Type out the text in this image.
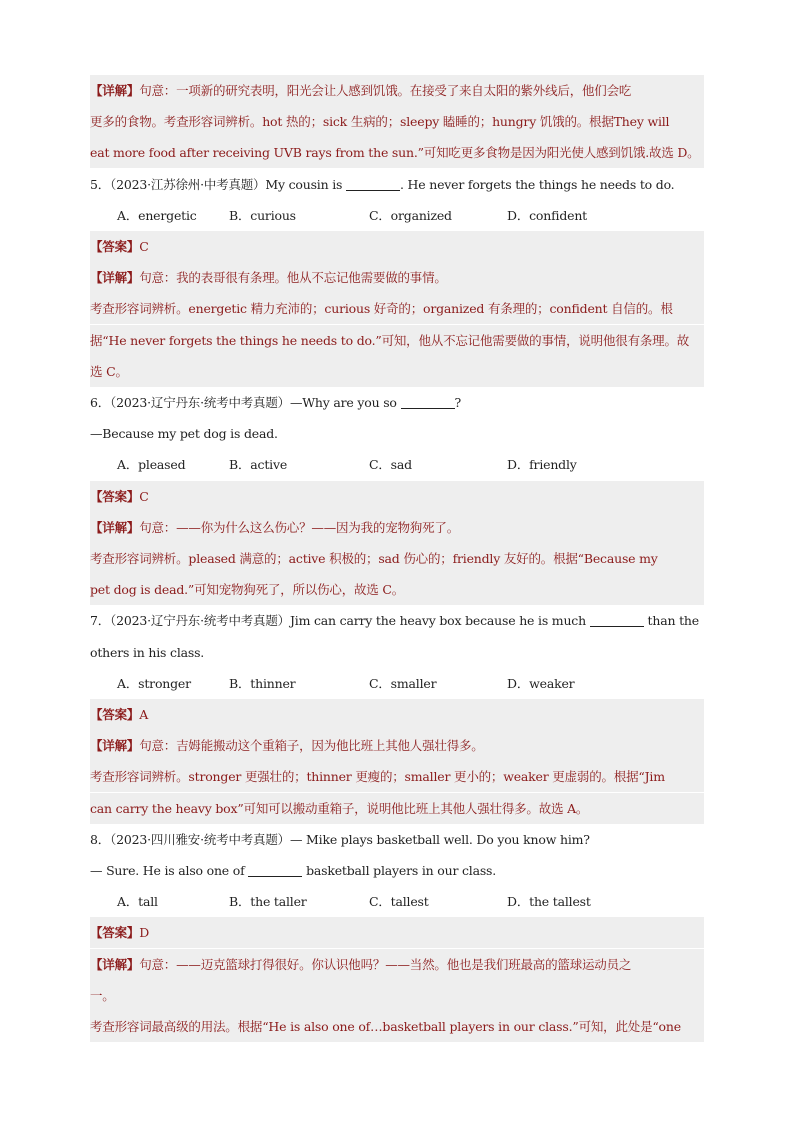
【详解】句意：一项新的研究表明，阳光会让人感到饥饿。在接受了来自太阳的紫外线后，他们会吃
更多的食物。考查形容词辨析。hot 热的；sick 生病的；sleepy 瞌睡的；hungry 饥饿的。根据They will
eat more food after receiving UVB rays from the sun.”可知吃更多食物是因为阳光使人感到饥饿.故选 D。
5．（2023·江苏徐州·中考真题）My cousin is	. He never forgets the things he needs to do.
A．energetic	B．curious	C．organized	D．confident
【答案】C
【详解】句意：我的表哥很有条理。他从不忘记他需要做的事情。
考查形容词辨析。energetic 精力充沛的；curious 好奇的；organized 有条理的；confident 自信的。根
据“He never forgets the things he needs to do.”可知，他从不忘记他需要做的事情，说明他很有条理。故
选 C。
6．（2023·辽宁丹东·统考中考真题）—Why are you so	?
—Because my pet dog is dead.
A．pleased	B．active	C．sad	D．friendly
【答案】C
【详解】句意：——你为什么这么伤心？——因为我的宠物狗死了。
考查形容词辨析。pleased 满意的；active 积极的；sad 伤心的；friendly 友好的。根据“Because my
pet dog is dead.”可知宠物狗死了，所以伤心，故选 C。
7．（2023·辽宁丹东·统考中考真题）Jim can carry the heavy box because he is much	than the
others in his class.
A．stronger	B．thinner	C．smaller	D．weaker
【答案】A
【详解】句意：吉姆能搬动这个重箱子，因为他比班上其他人强壮得多。
考查形容词辨析。stronger 更强壮的；thinner 更瘦的；smaller 更小的；weaker 更虚弱的。根据“Jim
can carry the heavy box”可知可以搬动重箱子，说明他比班上其他人强壮得多。故选 A。
8．（2023·四川雅安·统考中考真题）— Mike plays basketball well. Do you know him?
— Sure. He is also one of	basketball players in our class.
A．tall	B．the taller	C．tallest	D．the tallest
【答案】D
【详解】句意：——迈克篮球打得很好。你认识他吗？——当然。他也是我们班最高的篮球运动员之
一。
考查形容词最高级的用法。根据“He is also one of…basketball players in our class.”可知，此处是“one
